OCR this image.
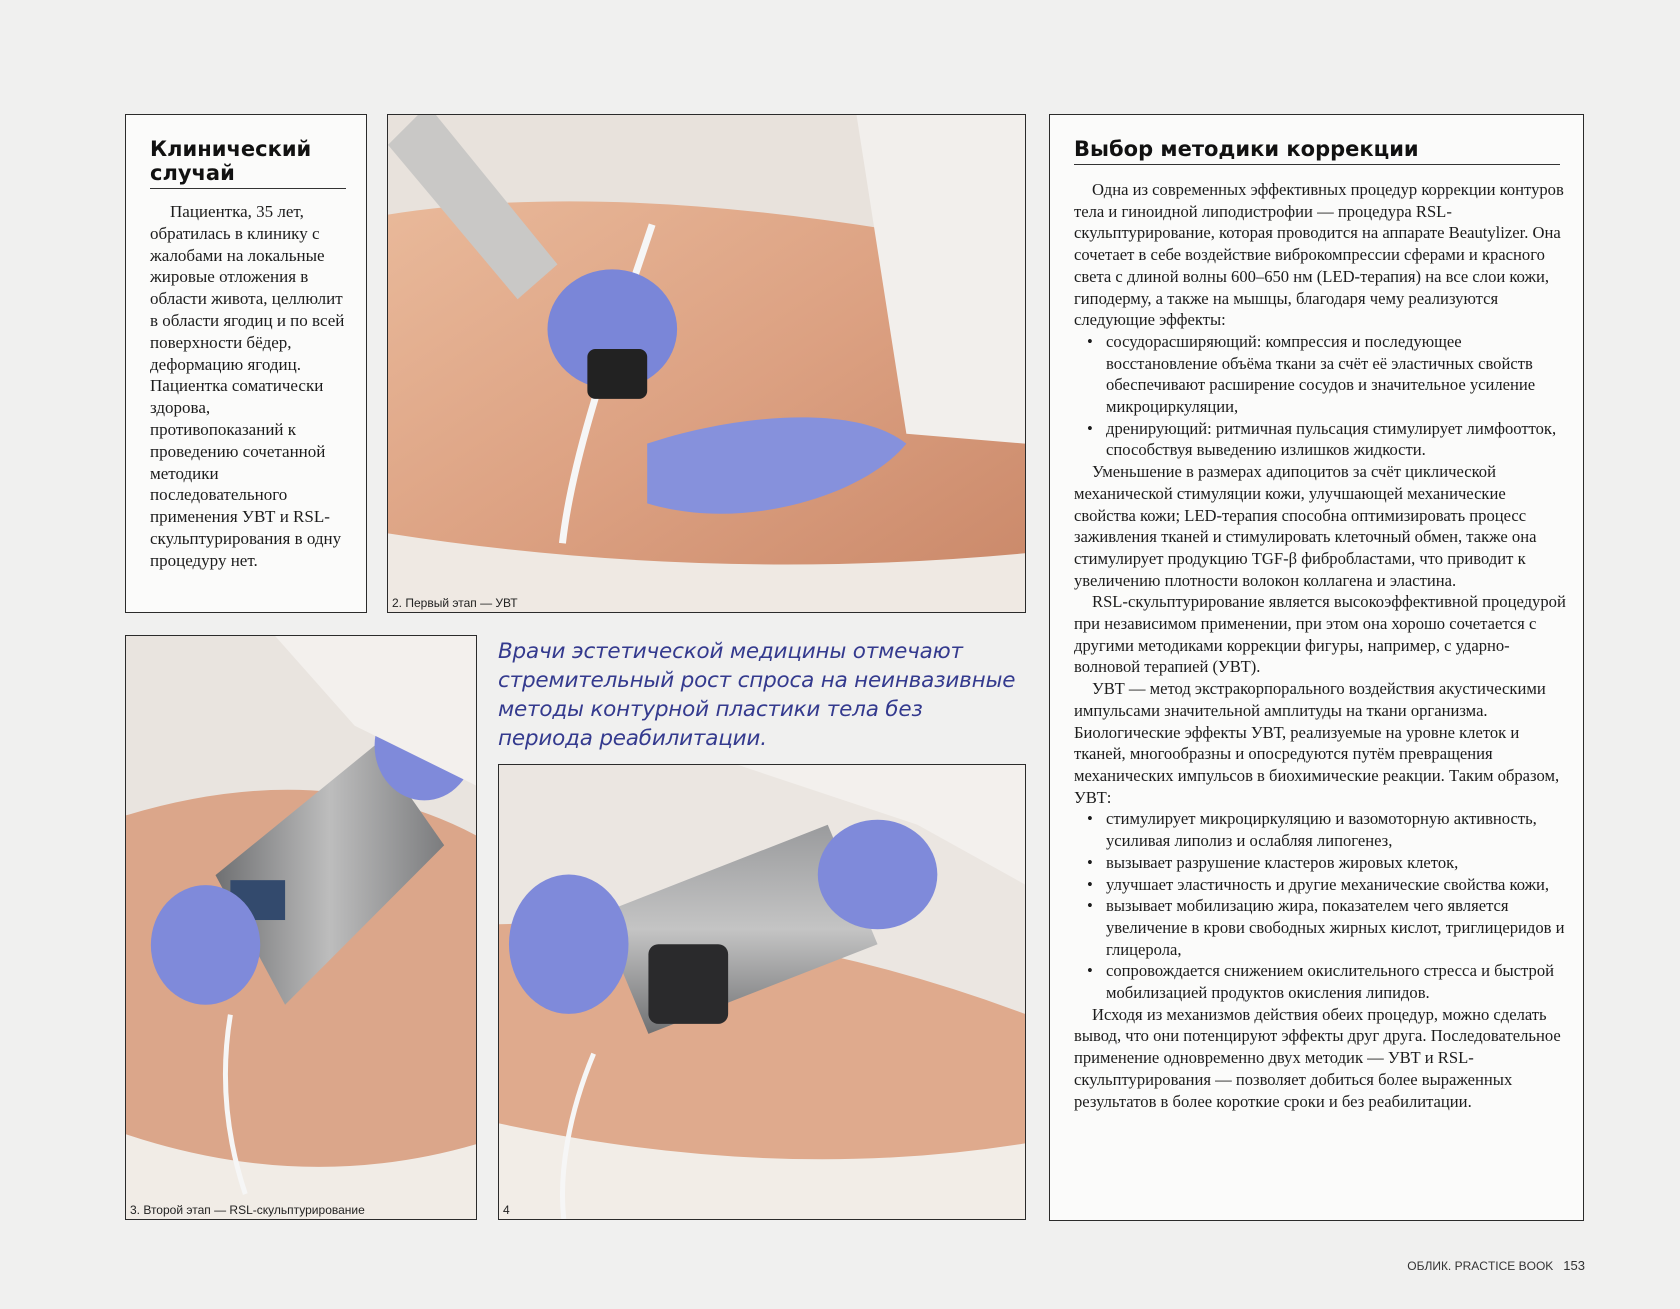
Клинический случай

Пациентка, 35 лет, обратилась в клинику с жалобами на локальные жировые отложения в области живота, целлюлит в области ягодиц и по всей поверхности бёдер, деформацию ягодиц. Пациентка соматически здорова, противопоказаний к проведению сочетанной методики последовательного применения УВТ и RSL-скульптурирования в одну процедуру нет.

2. Первый этап — УВТ
3. Второй этап — RSL-скульптурирование
Врачи эстетической медицины отмечают стремительный рост спроса на неинвазивные методы контурной пластики тела без периода реабилитации.
4
Выбор методики коррекции

Одна из современных эффективных процедур коррекции контуров тела и гиноидной липодистрофии — процедура RSL-скульптурирование, которая проводится на аппарате Beautylizer. Она сочетает в себе воздействие виброкомпрессии сферами и красного света с длиной волны 600–650 нм (LED-терапия) на все слои кожи, гиподерму, а также на мышцы, благодаря чему реализуются следующие эффекты:

• сосудорасширяющий: компрессия и последующее восстановление объёма ткани за счёт её эластичных свойств обеспечивают расширение сосудов и значительное усиление микроциркуляции,
• дренирующий: ритмичная пульсация стимулирует лимфоотток, способствуя выведению излишков жидкости.

Уменьшение в размерах адипоцитов за счёт циклической механической стимуляции кожи, улучшающей механические свойства кожи; LED-терапия способна оптимизировать процесс заживления тканей и стимулировать клеточный обмен, также она стимулирует продукцию TGF-β фибробластами, что приводит к увеличению плотности волокон коллагена и эластина.

RSL-скульптурирование является высокоэффективной процедурой при независимом применении, при этом она хорошо сочетается с другими методиками коррекции фигуры, например, с ударно-волновой терапией (УВТ).

УВТ — метод экстракорпорального воздействия акустическими импульсами значительной амплитуды на ткани организма. Биологические эффекты УВТ, реализуемые на уровне клеток и тканей, многообразны и опосредуются путём превращения механических импульсов в биохимические реакции. Таким образом, УВТ:

• стимулирует микроциркуляцию и вазомоторную активность, усиливая липолиз и ослабляя липогенез,
• вызывает разрушение кластеров жировых клеток,
• улучшает эластичность и другие механические свойства кожи,
• вызывает мобилизацию жира, показателем чего является увеличение в крови свободных жирных кислот, триглицеридов и глицерола,
• сопровождается снижением окислительного стресса и быстрой мобилизацией продуктов окисления липидов.

Исходя из механизмов действия обеих процедур, можно сделать вывод, что они потенцируют эффекты друг друга. Последовательное применение одновременно двух методик — УВТ и RSL-скульптурирования — позволяет добиться более выраженных результатов в более короткие сроки и без реабилитации.

ОБЛИК. PRACTICE BOOK 153
